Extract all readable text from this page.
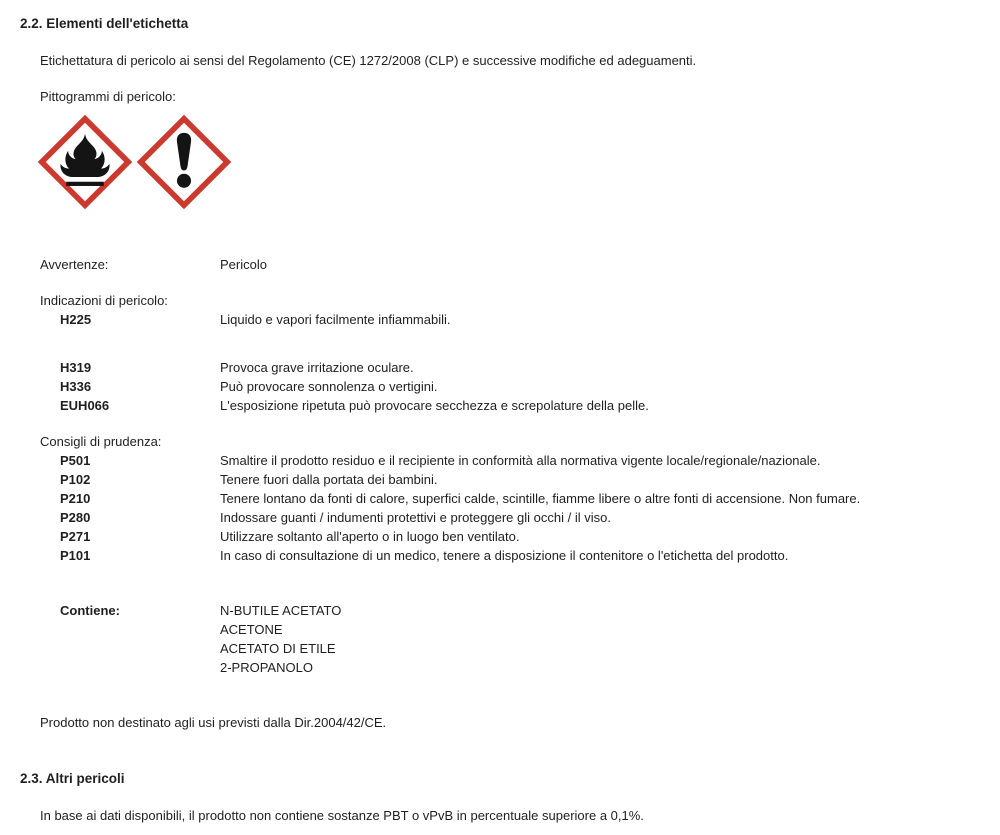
2.2. Elementi dell'etichetta
Etichettatura di pericolo ai sensi del Regolamento (CE) 1272/2008 (CLP) e successive modifiche ed adeguamenti.
Pittogrammi di pericolo:
Avvertenze:	Pericolo
Indicazioni di pericolo:
H225	Liquido e vapori facilmente infiammabili.
H319	Provoca grave irritazione oculare.
H336	Può provocare sonnolenza o vertigini.
EUH066	L'esposizione ripetuta può provocare secchezza e screpolature della pelle.
Consigli di prudenza:
P501	Smaltire il prodotto residuo e il recipiente in conformità alla normativa vigente locale/regionale/nazionale.
P102	Tenere fuori dalla portata dei bambini.
P210	Tenere lontano da fonti di calore, superfici calde, scintille, fiamme libere o altre fonti di accensione. Non fumare.
P280	Indossare guanti / indumenti protettivi e proteggere gli occhi / il viso.
P271	Utilizzare soltanto all'aperto o in luogo ben ventilato.
P101	In caso di consultazione di un medico, tenere a disposizione il contenitore o l'etichetta del prodotto.
Contiene:	N-BUTILE ACETATO
ACETONE
ACETATO DI ETILE
2-PROPANOLO
Prodotto non destinato agli usi previsti dalla Dir.2004/42/CE.
2.3. Altri pericoli
In base ai dati disponibili, il prodotto non contiene sostanze PBT o vPvB in percentuale superiore a 0,1%.
